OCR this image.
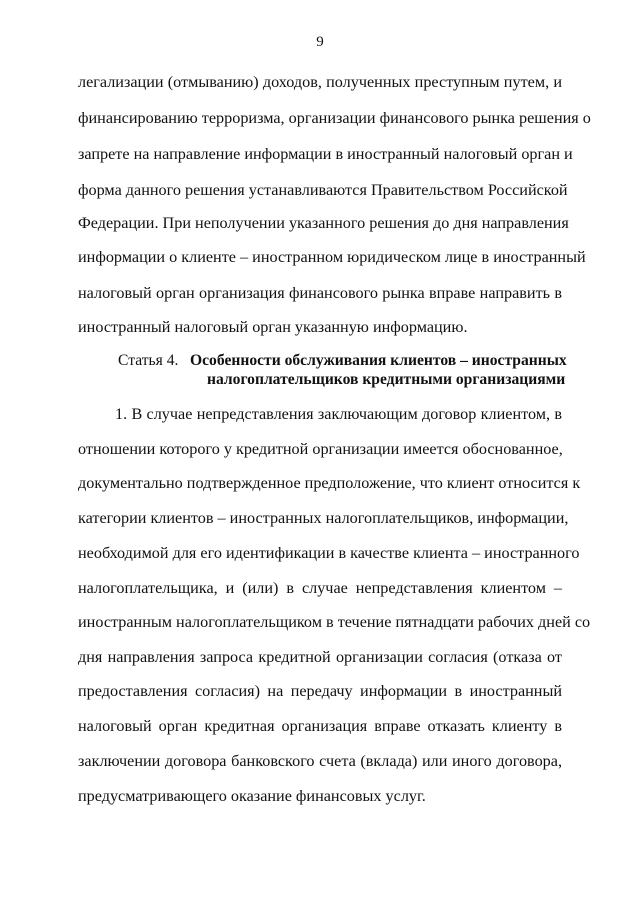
9
легализации (отмыванию) доходов, полученных преступным путем, и
финансированию терроризма, организации финансового рынка решения о
запрете на направление информации в иностранный налоговый орган и
форма данного решения устанавливаются Правительством Российской
Федерации. При неполучении указанного решения до дня направления
информации о клиенте – иностранном юридическом лице в иностранный
налоговый орган организация финансового рынка вправе направить в
иностранный налоговый орган указанную информацию.
Статья 4. Особенности обслуживания клиентов – иностранных
налогоплательщиков кредитными организациями
1. В случае непредставления заключающим договор клиентом, в
отношении которого у кредитной организации имеется обоснованное,
документально подтвержденное предположение, что клиент относится к
категории клиентов – иностранных налогоплательщиков, информации,
необходимой для его идентификации в качестве клиента – иностранного
налогоплательщика, и (или) в случае непредставления клиентом –
иностранным налогоплательщиком в течение пятнадцати рабочих дней со
дня направления запроса кредитной организации согласия (отказа от
предоставления согласия) на передачу информации в иностранный
налоговый орган кредитная организация вправе отказать клиенту в
заключении договора банковского счета (вклада) или иного договора,
предусматривающего оказание финансовых услуг.
